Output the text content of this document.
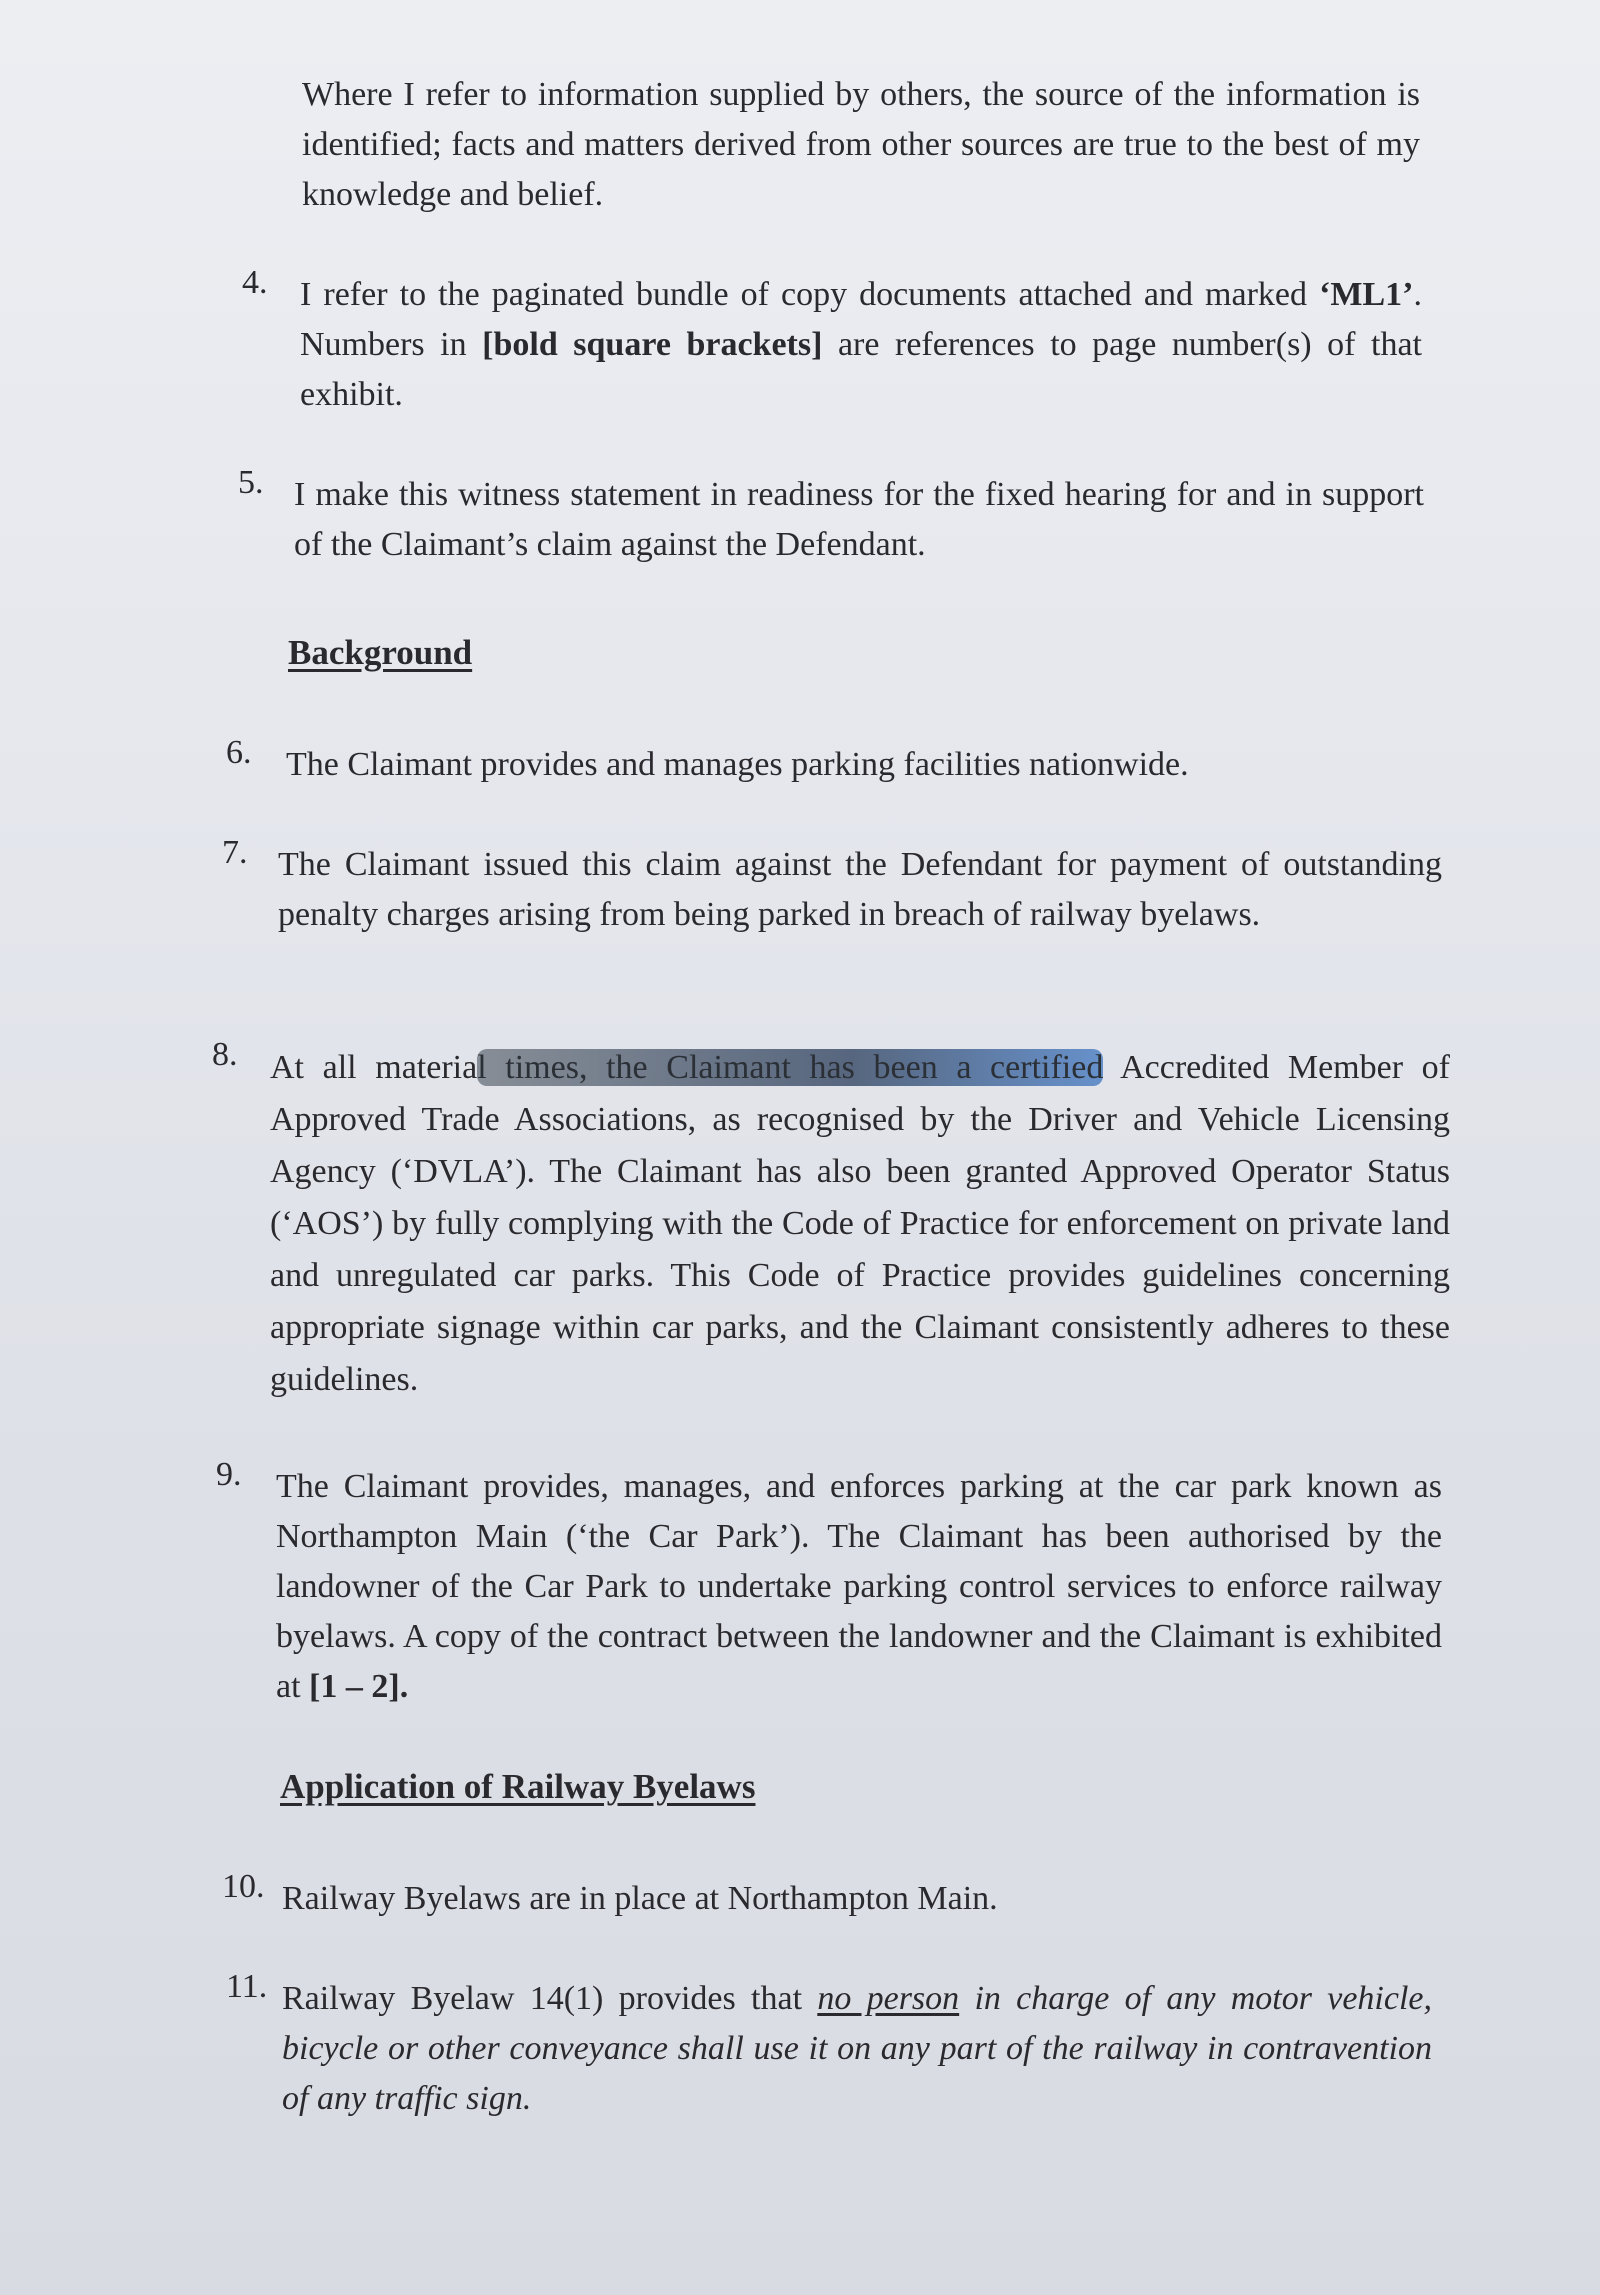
Where I refer to information supplied by others, the source of the information is identified; facts and matters derived from other sources are true to the best of my knowledge and belief.
4. I refer to the paginated bundle of copy documents attached and marked ‘ML1’. Numbers in [bold square brackets] are references to page number(s) of that exhibit.
5. I make this witness statement in readiness for the fixed hearing for and in support of the Claimant’s claim against the Defendant.
Background
6. The Claimant provides and manages parking facilities nationwide.
7. The Claimant issued this claim against the Defendant for payment of outstanding penalty charges arising from being parked in breach of railway byelaws.
8. At all material times, the Claimant has been a certified Accredited Member of Approved Trade Associations, as recognised by the Driver and Vehicle Licensing Agency (‘DVLA’). The Claimant has also been granted Approved Operator Status (‘AOS’) by fully complying with the Code of Practice for enforcement on private land and unregulated car parks. This Code of Practice provides guidelines concerning appropriate signage within car parks, and the Claimant consistently adheres to these guidelines.
9. The Claimant provides, manages, and enforces parking at the car park known as Northampton Main (‘the Car Park’). The Claimant has been authorised by the landowner of the Car Park to undertake parking control services to enforce railway byelaws. A copy of the contract between the landowner and the Claimant is exhibited at [1 – 2].
Application of Railway Byelaws
10. Railway Byelaws are in place at Northampton Main.
11. Railway Byelaw 14(1) provides that no person in charge of any motor vehicle, bicycle or other conveyance shall use it on any part of the railway in contravention of any traffic sign.
